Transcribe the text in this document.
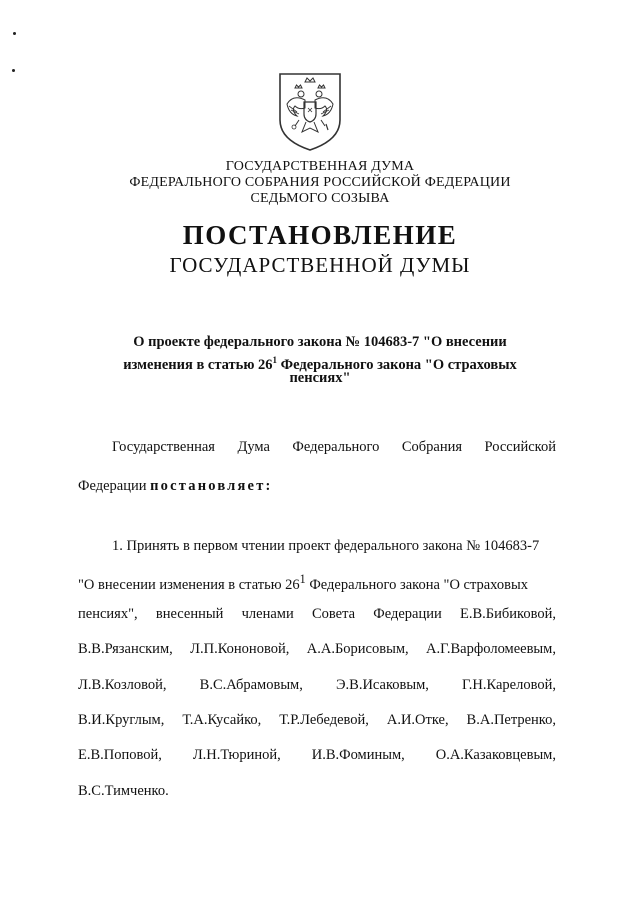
ГОСУДАРСТВЕННАЯ ДУМА
ФЕДЕРАЛЬНОГО СОБРАНИЯ РОССИЙСКОЙ ФЕДЕРАЦИИ
СЕДЬМОГО СОЗЫВА
ПОСТАНОВЛЕНИЕ
ГОСУДАРСТВЕННОЙ ДУМЫ
О проекте федерального закона № 104683-7 "О внесении
изменения в статью $26^1$ Федерального закона "О страховых
пенсиях"
Государственная Дума Федерального Собрания Российской
Федерации постановляет:
1. Принять в первом чтении проект федерального закона № 104683-7
"О внесении изменения в статью $26^1$ Федерального закона "О страховых
пенсиях", внесенный членами Совета Федерации Е.В.Бибиковой,
В.В.Рязанским, Л.П.Кононовой, А.А.Борисовым, А.Г.Варфоломеевым,
Л.В.Козловой, В.С.Абрамовым, Э.В.Исаковым, Г.Н.Кареловой,
В.И.Круглым, Т.А.Кусайко, Т.Р.Лебедевой, А.И.Отке, В.А.Петренко,
Е.В.Поповой, Л.Н.Тюриной, И.В.Фоминым, О.А.Казаковцевым,
В.С.Тимченко.
